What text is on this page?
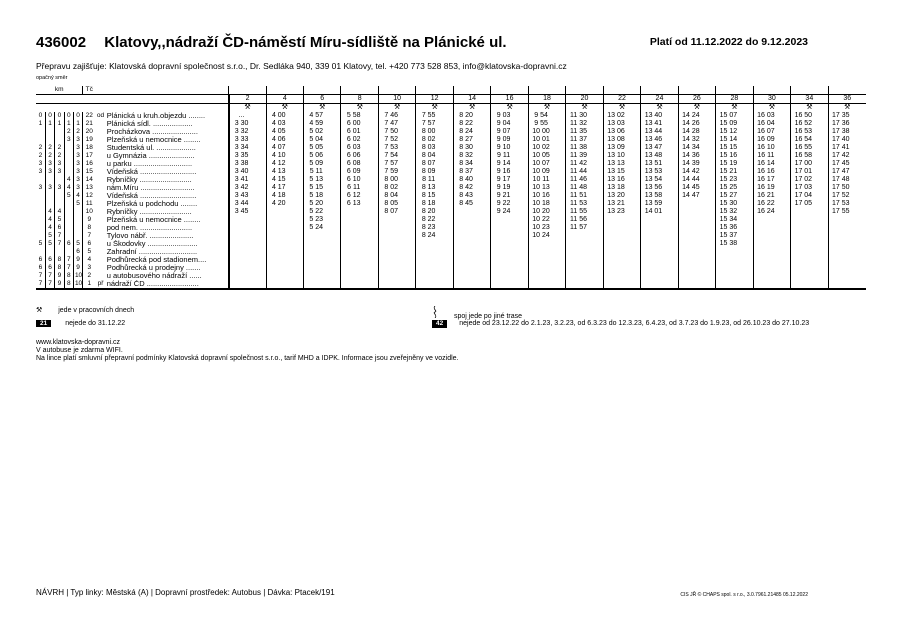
436002 Klatovy,,nádraží ČD-náměstí Míru-sídliště na Plánické ul.	Platí od 11.12.2022 do 9.12.2023
Přepravu zajišťuje: Klatovská dopravní společnost s.r.o., Dr. Sedláka 940, 339 01 Klatovy, tel. +420 773 528 853, info@klatovska-dopravni.cz
opačný směr
km					Tč																																				
								2		4		6		8		10		12		14		16		18		20		22		24		26		28		30		34		36	
								⚒		⚒		⚒		⚒		⚒		⚒		⚒		⚒		⚒		⚒		⚒		⚒		⚒		⚒		⚒		⚒		⚒	
0	0	0	0	0	22	od	Plánická u kruh.objezdu ........	...		4 00		4 57		5 58		7 46		7 55		8 20		9 03		9 54		11 30		13 02		13 40		14 24		15 07		16 03		16 50		17 35	
1	1	1	1	1	21		Plánická sídl. ...................	3 30		4 03		4 59		6 00		7 47		7 57		8 22		9 04		9 55		11 32		13 03		13 41		14 26		15 09		16 04		16 52		17 36	
			2	2	20		Procházkova ......................	3 32		4 05		5 02		6 01		7 50		8 00		8 24		9 07		10 00		11 35		13 06		13 44		14 28		15 12		16 07		16 53		17 38	
			3	3	19		Plzeňská u nemocnice ........	3 33		4 06		5 04		6 02		7 52		8 02		8 27		9 09		10 01		11 37		13 08		13 46		14 32		15 14		16 09		16 54		17 40	
2	2	2		3	18		Studentská ul. ...................	3 34		4 07		5 05		6 03		7 53		8 03		8 30		9 10		10 02		11 38		13 09		13 47		14 34		15 15		16 10		16 55		17 41	
2	2	2		3	17		u Gymnázia ......................	3 35		4 10		5 06		6 06		7 54		8 04		8 32		9 11		10 05		11 39		13 10		13 48		14 36		15 16		16 11		16 58		17 42	
3	3	3		3	16		u parku ............................	3 38		4 12		5 09		6 08		7 57		8 07		8 34		9 14		10 07		11 42		13 13		13 51		14 39		15 19		16 14		17 00		17 45	
3	3	3		3	15		Vídeňská ...........................	3 40		4 13		5 11		6 09		7 59		8 09		8 37		9 16		10 09		11 44		13 15		13 53		14 42		15 21		16 16		17 01		17 47	
			4	3	14		Rybníčky .........................	3 41		4 15		5 13		6 10		8 00		8 11		8 40		9 17		10 11		11 46		13 16		13 54		14 44		15 23		16 17		17 02		17 48	
3	3	3	4	3	13		nám.Míru ..........................	3 42		4 17		5 15		6 11		8 02		8 13		8 42		9 19		10 13		11 48		13 18		13 56		14 45		15 25		16 19		17 03		17 50	
			5	4	12		Vídeňská ...........................	3 43		4 18		5 18		6 12		8 04		8 15		8 43		9 21		10 16		11 51		13 20		13 58		14 47		15 27		16 21		17 04		17 52	
				5	11		Plzeňská u podchodu ........	3 44		4 20		5 20		6 13		8 05		8 18		8 45		9 22		10 18		11 53		13 21		13 59				15 30		16 22		17 05		17 53	
	4	4			10		Rybníčky .........................	3 45				5 22				8 07		8 20				9 24		10 20		11 55		13 23		14 01				15 32		16 24				17 55	
	4	5			9		Plzeňská u nemocnice ........					5 23						8 22						10 22		11 56								15 34							
	4	6			8		pod nem. .........................					5 24						8 23						10 23		11 57								15 36							
	5	7			7		Tylovo nábř. .....................											8 24						10 24										15 37							
5	5	7	6	5	6		u Škodovky ........................																											15 38							
				6	5		Zahradní ............................																																		
6	6	8	7	9	4		Podhůrecká pod stadionem....																																		
6	6	8	7	9	3		Podhůrecká u prodejny .......																																		
7	7	9	8	10	2		u autobusového nádraží ......																																		
7	7	9	8	10	1	př	nádraží ČD .........................																																		
⚒ jede v pracovních dnech
spoj jede po jiné trase
21	nejede do 31.12.22	42	nejede od 23.12.22 do 2.1.23, 3.2.23, od 6.3.23 do 12.3.23, 6.4.23, od 3.7.23 do 1.9.23, od 26.10.23 do 27.10.23
www.klatovska-dopravni.cz
V autobuse je zdarma WIFI.
Na lince platí smluvní přepravní podmínky Klatovská dopravní společnost s.r.o., tarif MHD a IDPK. Informace jsou zveřejněny ve vozidle.
NÁVRH | Typ linky: Městská (A) | Dopravní prostředek: Autobus | Dávka: Ptacek/191	CIS JŘ © CHAPS spol. s r.o., 3.0.7961.21485 05.12.2022
